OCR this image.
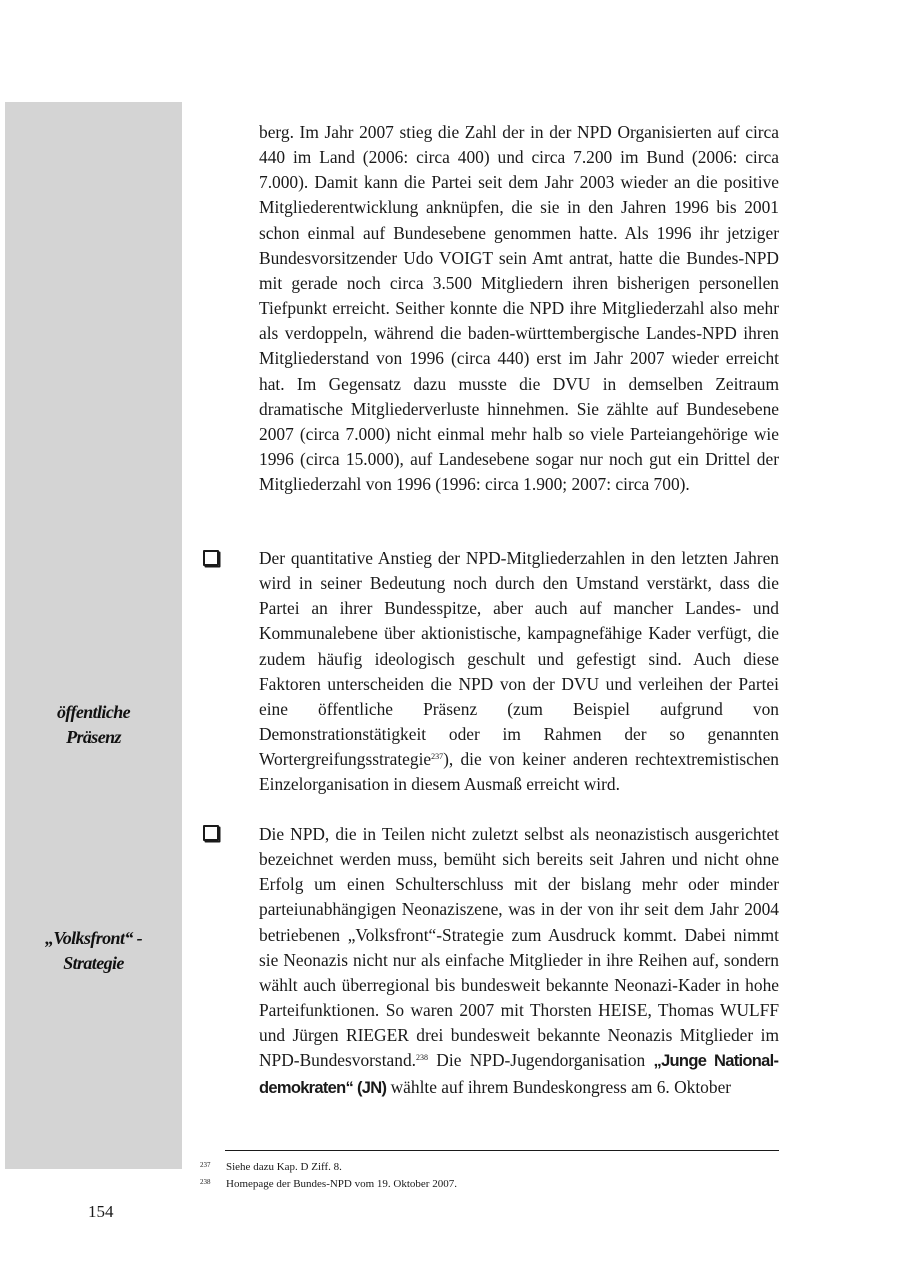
öffentliche
Präsenz
„Volksfront“ -
Strategie
berg. Im Jahr 2007 stieg die Zahl der in der NPD Organisierten auf circa 440 im Land (2006: circa 400) und circa 7.200 im Bund (2006: circa 7.000). Damit kann die Partei seit dem Jahr 2003 wieder an die positive Mitgliederentwicklung anknüpfen, die sie in den Jahren 1996 bis 2001 schon einmal auf Bundesebene genommen hatte. Als 1996 ihr jetziger Bundesvorsitzender Udo VOIGT sein Amt antrat, hatte die Bundes-NPD mit gerade noch circa 3.500 Mitgliedern ihren bisherigen personellen Tiefpunkt erreicht. Seither konnte die NPD ihre Mitgliederzahl also mehr als verdoppeln, während die baden-württembergische Landes-NPD ihren Mitgliederstand von 1996 (circa 440) erst im Jahr 2007 wieder erreicht hat. Im Gegensatz dazu musste die DVU in demselben Zeitraum dramatische Mitgliederverluste hinnehmen. Sie zählte auf Bundesebene 2007 (circa 7.000) nicht einmal mehr halb so viele Parteiangehörige wie 1996 (circa 15.000), auf Landesebene sogar nur noch gut ein Drittel der Mitgliederzahl von 1996 (1996: circa 1.900; 2007: circa 700).
Der quantitative Anstieg der NPD-Mitgliederzahlen in den letzten Jahren wird in seiner Bedeutung noch durch den Umstand verstärkt, dass die Partei an ihrer Bundesspitze, aber auch auf mancher Landes- und Kommunalebene über aktionistische, kampagnefähige Kader verfügt, die zudem häufig ideologisch geschult und gefestigt sind. Auch diese Faktoren unterscheiden die NPD von der DVU und verleihen der Partei eine öffentliche Präsenz (zum Beispiel aufgrund von Demonstrationstätigkeit oder im Rahmen der so genannten Wortergreifungsstrategie$^{237}$), die von keiner anderen rechtextremistischen Einzelorganisation in diesem Ausmaß erreicht wird.
Die NPD, die in Teilen nicht zuletzt selbst als neonazistisch ausgerichtet bezeichnet werden muss, bemüht sich bereits seit Jahren und nicht ohne Erfolg um einen Schulterschluss mit der bislang mehr oder minder parteiunabhängigen Neonaziszene, was in der von ihr seit dem Jahr 2004 betriebenen „Volksfront“-Strategie zum Ausdruck kommt. Dabei nimmt sie Neonazis nicht nur als einfache Mitglieder in ihre Reihen auf, sondern wählt auch überregional bis bundesweit bekannte Neonazi-Kader in hohe Parteifunktionen. So waren 2007 mit Thorsten HEISE, Thomas WULFF und Jürgen RIEGER drei bundesweit bekannte Neonazis Mitglieder im NPD-Bundesvorstand.$^{238}$ Die NPD-Jugendorganisation „Junge Nationaldemokraten“ (JN) wählte auf ihrem Bundeskongress am 6. Oktober
237 Siehe dazu Kap. D Ziff. 8.
238 Homepage der Bundes-NPD vom 19. Oktober 2007.
154
